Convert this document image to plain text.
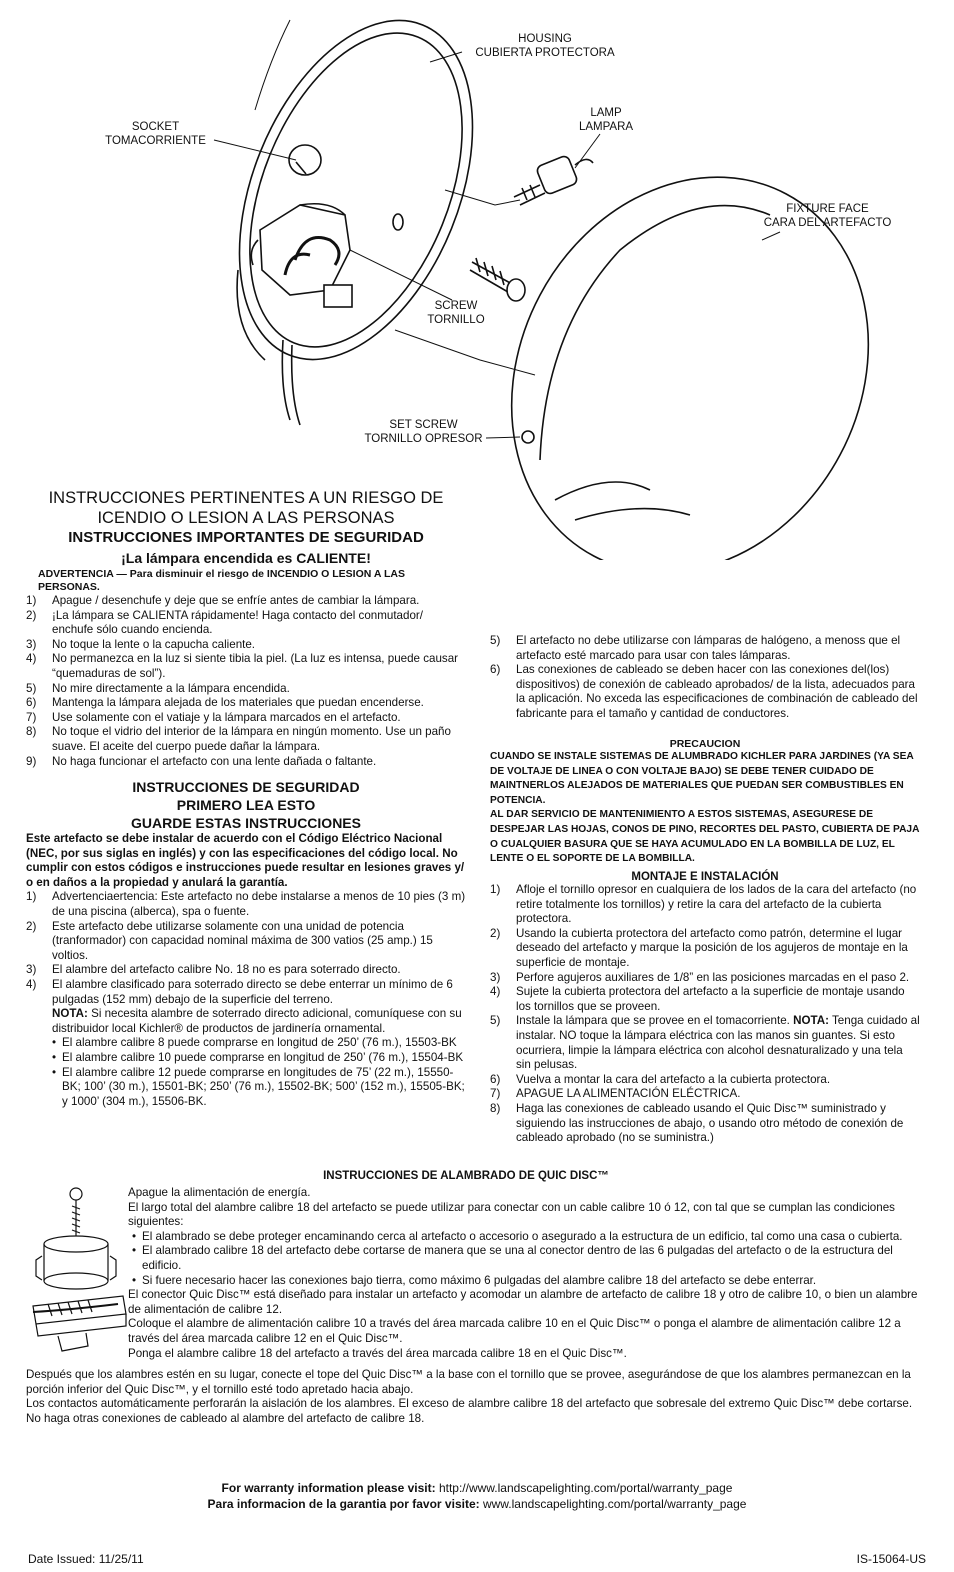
HOUSING
CUBIERTA PROTECTORA
LAMP
LAMPARA
SOCKET
TOMACORRIENTE
FIXTURE FACE
CARA DEL ARTEFACTO
SCREW
TORNILLO
SET SCREW
TORNILLO OPRESOR
INSTRUCCIONES PERTINENTES A UN RIESGO DE
ICENDIO O LESION A LAS PERSONAS
INSTRUCCIONES IMPORTANTES DE SEGURIDAD
¡La lámpara encendida es CALIENTE!
ADVERTENCIA — Para disminuir el riesgo de INCENDIO O LESION A LAS PERSONAS.
1) Apague / desenchufe y deje que se enfríe antes de cambiar la lámpara.
2) ¡La lámpara se CALIENTA rápidamente! Haga contacto del conmutador/ enchufe sólo cuando encienda.
3) No toque la lente o la capucha caliente.
4) No permanezca en la luz si siente tibia la piel. (La luz es intensa, puede causar “quemaduras de sol”).
5) No mire directamente a la lámpara encendida.
6) Mantenga la lámpara alejada de los materiales que puedan encenderse.
7) Use solamente con el vatiaje y la lámpara marcados en el artefacto.
8) No toque el vidrio del interior de la lámpara en ningún momento. Use un paño suave. El aceite del cuerpo puede dañar la lámpara.
9) No haga funcionar el artefacto con una lente dañada o faltante.
5) El artefacto no debe utilizarse con lámparas de halógeno, a menoss que el artefacto esté marcado para usar con tales lámparas.
6) Las conexiones de cableado se deben hacer con las conexiones del(los) dispositivos) de conexión de cableado aprobados/ de la lista, adecuados para la aplicación. No exceda las especificaciones de combinación de cableado del fabricante para el tamaño y cantidad de conductores.
INSTRUCCIONES DE SEGURIDAD
PRIMERO LEA ESTO
GUARDE ESTAS INSTRUCCIONES
Este artefacto se debe instalar de acuerdo con el Código Eléctrico Nacional (NEC, por sus siglas en inglés) y con las especificaciones del código local. No cumplir con estos códigos e instrucciones puede resultar en lesiones graves y/ o en daños a la propiedad y anulará la garantía.
1) Advertenciaertencia: Este artefacto no debe instalarse a menos de 10 pies (3 m) de una piscina (alberca), spa o fuente.
2) Este artefacto debe utilizarse solamente con una unidad de potencia (tranformador) con capacidad nominal máxima de 300 vatios (25 amp.) 15 voltios.
3) El alambre del artefacto calibre No. 18 no es para soterrado directo.
4) El alambre clasificado para soterrado directo se debe enterrar un mínimo de 6 pulgadas (152 mm) debajo de la superficie del terreno.
NOTA: Si necesita alambre de soterrado directo adicional, comuníquese con su distribuidor local Kichler® de productos de jardinería ornamental.
• El alambre calibre 8 puede comprarse en longitud de 250’ (76 m.), 15503-BK
• El alambre calibre 10 puede comprarse en longitud de 250’ (76 m.), 15504-BK
• El alambre calibre 12 puede comprarse en longitudes de 75’ (22 m.), 15550-BK; 100’ (30 m.), 15501-BK; 250’ (76 m.), 15502-BK; 500’ (152 m.), 15505-BK; y 1000’ (304 m.), 15506-BK.
PRECAUCION
CUANDO SE INSTALE SISTEMAS DE ALUMBRADO KICHLER PARA JARDINES (YA SEA DE VOLTAJE DE LINEA O CON VOLTAJE BAJO) SE DEBE TENER CUIDADO DE MAINTNERLOS ALEJADOS DE MATERIALES QUE PUEDAN SER COMBUSTIBLES EN POTENCIA.
AL DAR SERVICIO DE MANTENIMIENTO A ESTOS SISTEMAS, ASEGURESE DE DESPEJAR LAS HOJAS, CONOS DE PINO, RECORTES DEL PASTO, CUBIERTA DE PAJA O CUALQUIER BASURA QUE SE HAYA ACUMULADO EN LA BOMBILLA DE LUZ, EL LENTE O EL SOPORTE DE LA BOMBILLA.
MONTAJE E INSTALACIÓN
1) Afloje el tornillo opresor en cualquiera de los lados de la cara del artefacto (no retire totalmente los tornillos) y retire la cara del artefacto de la cubierta protectora.
2) Usando la cubierta protectora del artefacto como patrón, determine el lugar deseado del artefacto y marque la posición de los agujeros de montaje en la superficie de montaje.
3) Perfore agujeros auxiliares de 1/8” en las posiciones marcadas en el paso 2.
4) Sujete la cubierta protectora del artefacto a la superficie de montaje usando los tornillos que se proveen.
5) Instale la lámpara que se provee en el tomacorriente. NOTA: Tenga cuidado al instalar. NO toque la lámpara eléctrica con las manos sin guantes. Si esto ocurriera, limpie la lámpara eléctrica con alcohol desnaturalizado y una tela sin pelusas.
6) Vuelva a montar la cara del artefacto a la cubierta protectora.
7) APAGUE LA ALIMENTACIÓN ELÉCTRICA.
8) Haga las conexiones de cableado usando el Quic Disc™ suministrado y siguiendo las instrucciones de abajo, o usando otro método de conexión de cableado aprobado (no se suministra.)
INSTRUCCIONES DE ALAMBRADO DE QUIC DISC™
Apague la alimentación de energía.
El largo total del alambre calibre 18 del artefacto se puede utilizar para conectar con un cable calibre 10 ó 12, con tal que se cumplan las condiciones siguientes:
• El alambrado se debe proteger encaminando cerca al artefacto o accesorio o asegurado a la estructura de un edificio, tal como una casa o cubierta.
• El alambrado calibre 18 del artefacto debe cortarse de manera que se una al conector dentro de las 6 pulgadas del artefacto o de la estructura del edificio.
• Si fuere necesario hacer las conexiones bajo tierra, como máximo 6 pulgadas del alambre calibre 18 del artefacto se debe enterrar.
El conector Quic Disc™ está diseñado para instalar un artefacto y acomodar un alambre de artefacto de calibre 18 y otro de calibre 10, o bien un alambre de alimentación de calibre 12.
Coloque el alambre de alimentación calibre 10 a través del área marcada calibre 10 en el Quic Disc™ o ponga el alambre de alimentación calibre 12 a través del área marcada calibre 12 en el Quic Disc™.
Ponga el alambre calibre 18 del artefacto a través del área marcada calibre 18 en el Quic Disc™.
Después que los alambres estén en su lugar, conecte el tope del Quic Disc™ a la base con el tornillo que se provee, asegurándose de que los alambres permanezcan en la porción inferior del Quic Disc™, y el tornillo esté todo apretado hacia abajo.
Los contactos automáticamente perforarán la aislación de los alambres. El exceso de alambre calibre 18 del artefacto que sobresale del extremo Quic Disc™ debe cortarse.
No haga otras conexiones de cableado al alambre del artefacto de calibre 18.
For warranty information please visit: http://www.landscapelighting.com/portal/warranty_page
Para informacion de la garantia por favor visite: www.landscapelighting.com/portal/warranty_page
Date Issued: 11/25/11	IS-15064-US
